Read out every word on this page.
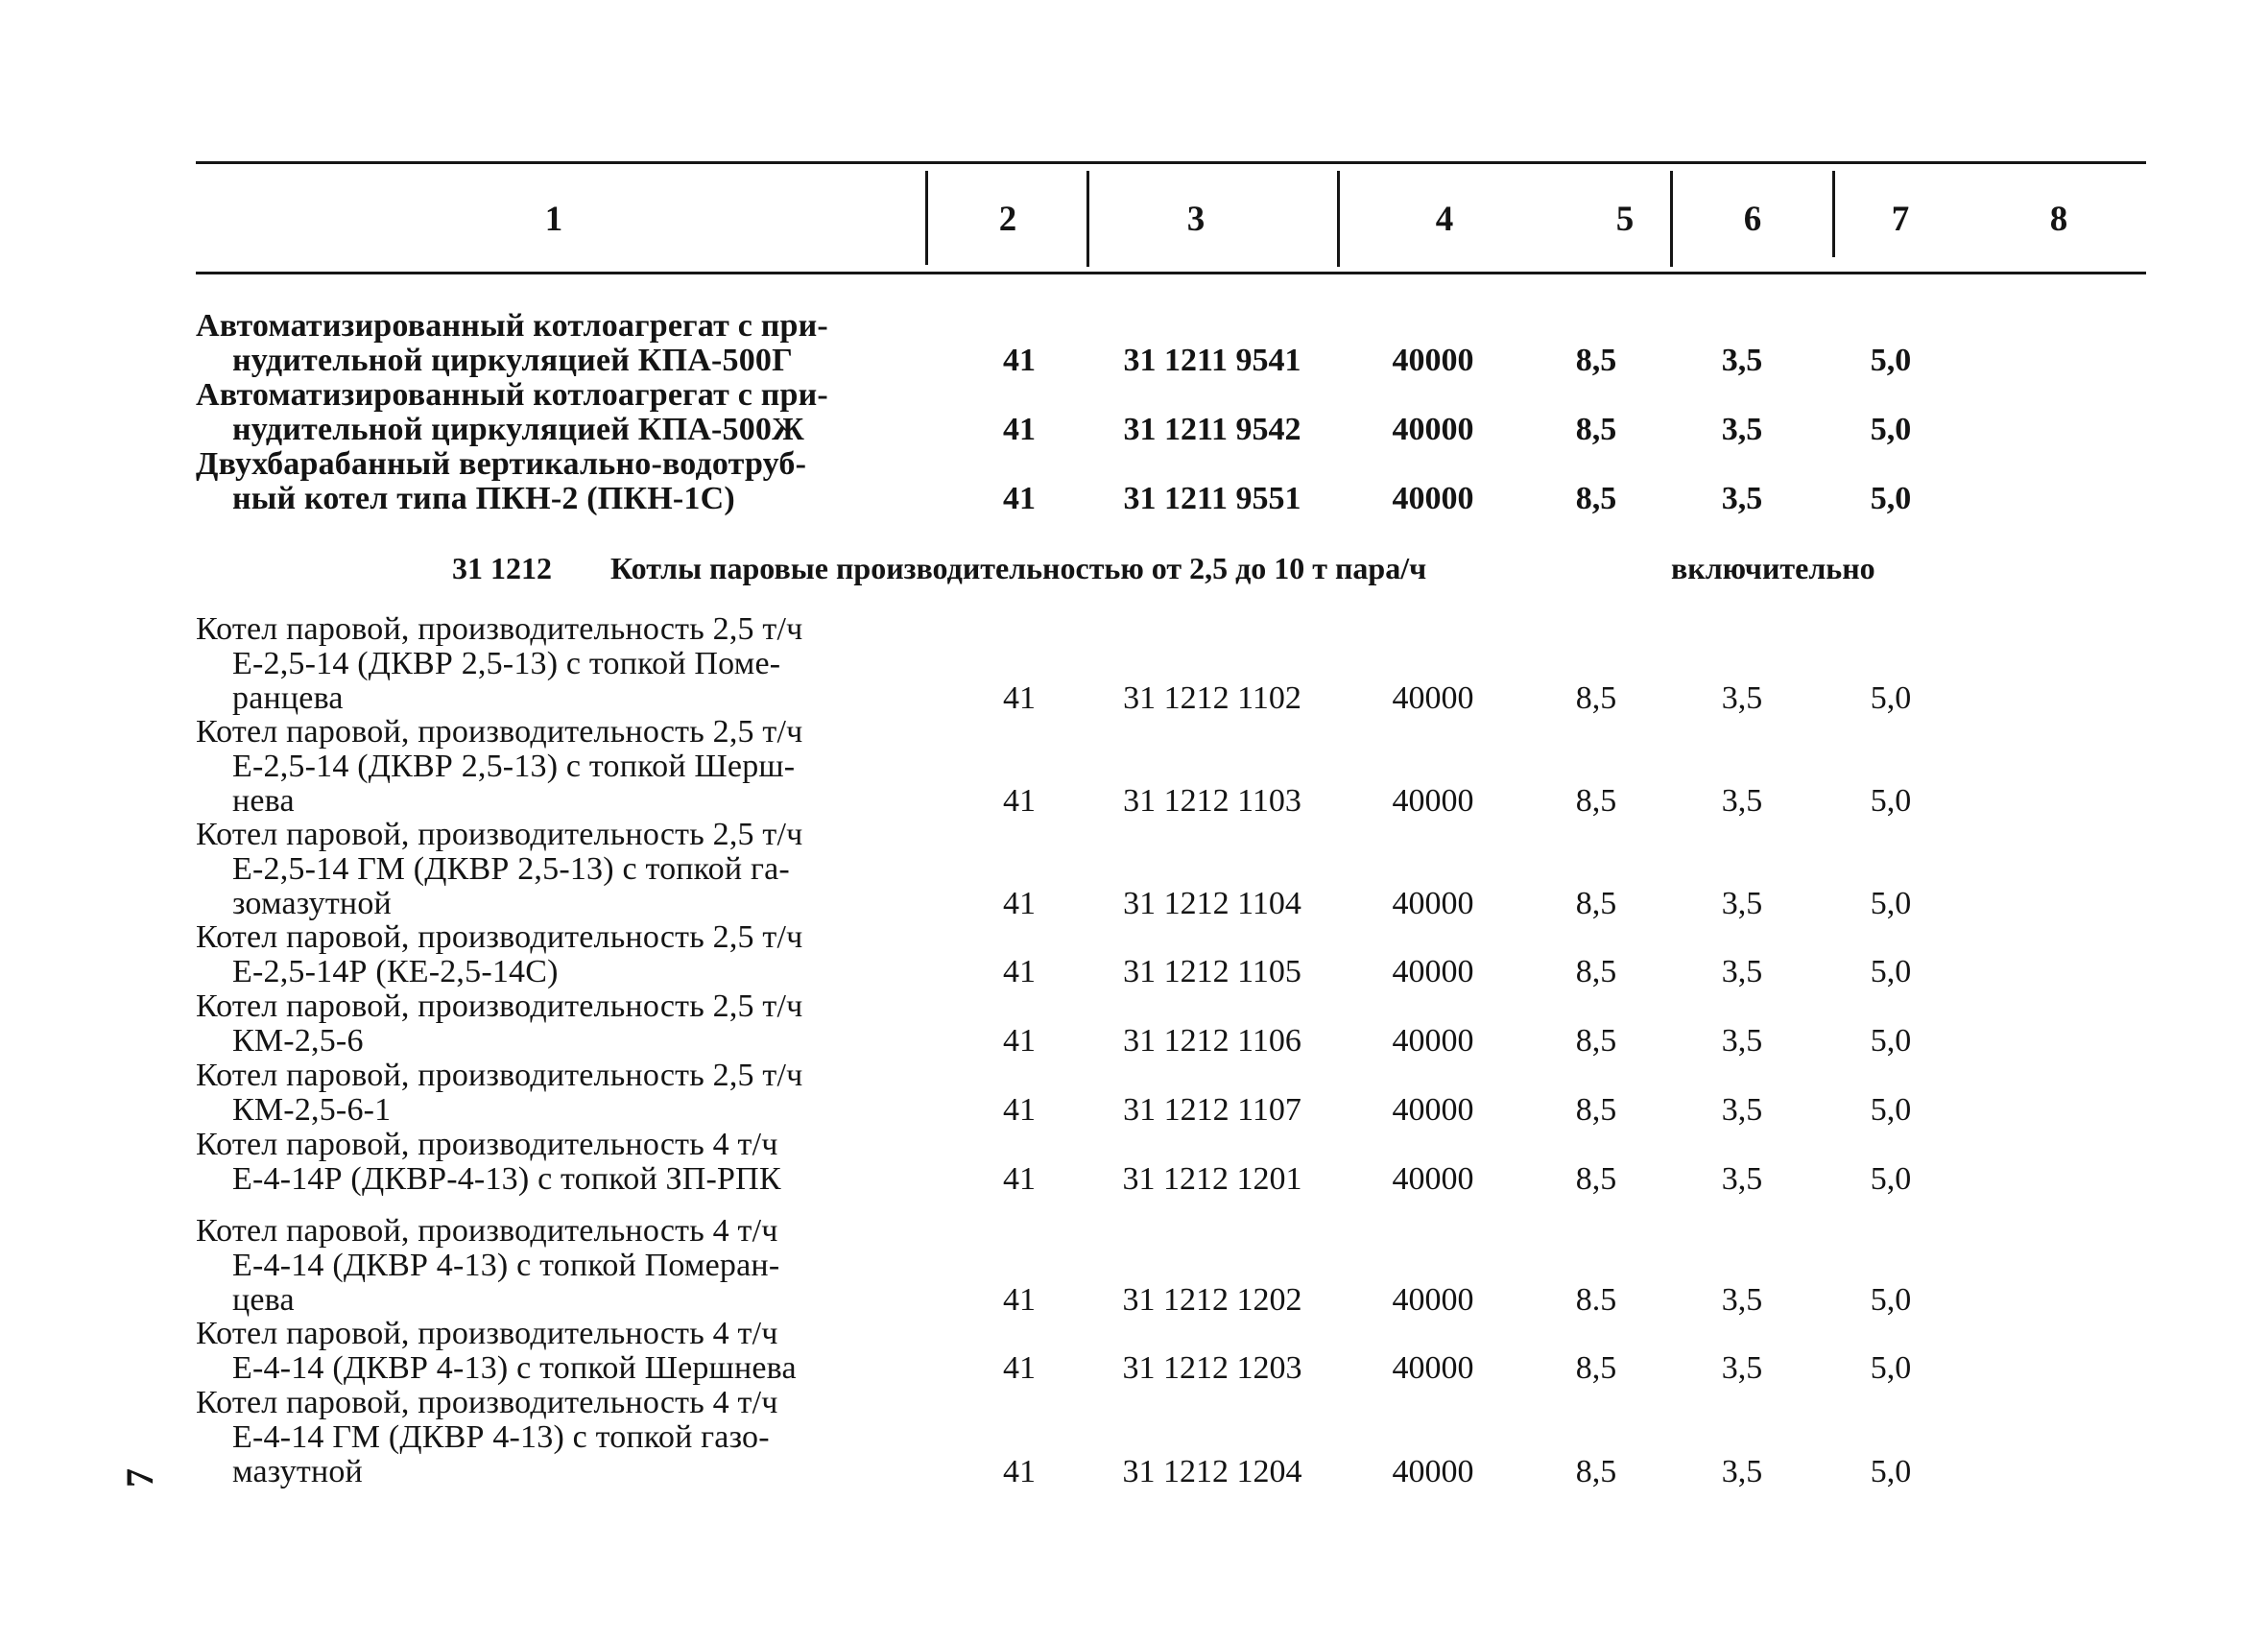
1	2	3	4	5	6	7	8
Автоматизированный котлоагрегат с при-
нудительной циркуляцией КПА-500Г	41	31 1211 9541	40000	8,5	3,5	5,0
Автоматизированный котлоагрегат с при-
нудительной циркуляцией КПА-500Ж	41	31 1211 9542	40000	8,5	3,5	5,0
Двухбарабанный вертикально-водотруб-
ный котел типа ПКН-2 (ПКН-1С)	41	31 1211 9551	40000	8,5	3,5	5,0
31 1212 Котлы паровые производительностью от 2,5 до 10 т пара/ч	включительно
Котел паровой, производительность 2,5 т/ч
Е-2,5-14 (ДКВР 2,5-13) с топкой Поме-
ранцева	41	31 1212 1102	40000	8,5	3,5	5,0
Котел паровой, производительность 2,5 т/ч
Е-2,5-14 (ДКВР 2,5-13) с топкой Шерш-
нева	41	31 1212 1103	40000	8,5	3,5	5,0
Котел паровой, производительность 2,5 т/ч
Е-2,5-14 ГМ (ДКВР 2,5-13) с топкой га-
зомазутной	41	31 1212 1104	40000	8,5	3,5	5,0
Котел паровой, производительность 2,5 т/ч
Е-2,5-14Р (КЕ-2,5-14С)	41	31 1212 1105	40000	8,5	3,5	5,0
Котел паровой, производительность 2,5 т/ч
КМ-2,5-6	41	31 1212 1106	40000	8,5	3,5	5,0
Котел паровой, производительность 2,5 т/ч
КМ-2,5-6-1	41	31 1212 1107	40000	8,5	3,5	5,0
Котел паровой, производительность 4 т/ч
Е-4-14Р (ДКВР-4-13) с топкой ЗП-РПК	41	31 1212 1201	40000	8,5	3,5	5,0
Котел паровой, производительность 4 т/ч
Е-4-14 (ДКВР 4-13) с топкой Померан-
цева	41	31 1212 1202	40000	8.5	3,5	5,0
Котел паровой, производительность 4 т/ч
Е-4-14 (ДКВР 4-13) с топкой Шершнева	41	31 1212 1203	40000	8,5	3,5	5,0
Котел паровой, производительность 4 т/ч
Е-4-14 ГМ (ДКВР 4-13) с топкой газо-
мазутной	41	31 1212 1204	40000	8,5	3,5	5,0
7
